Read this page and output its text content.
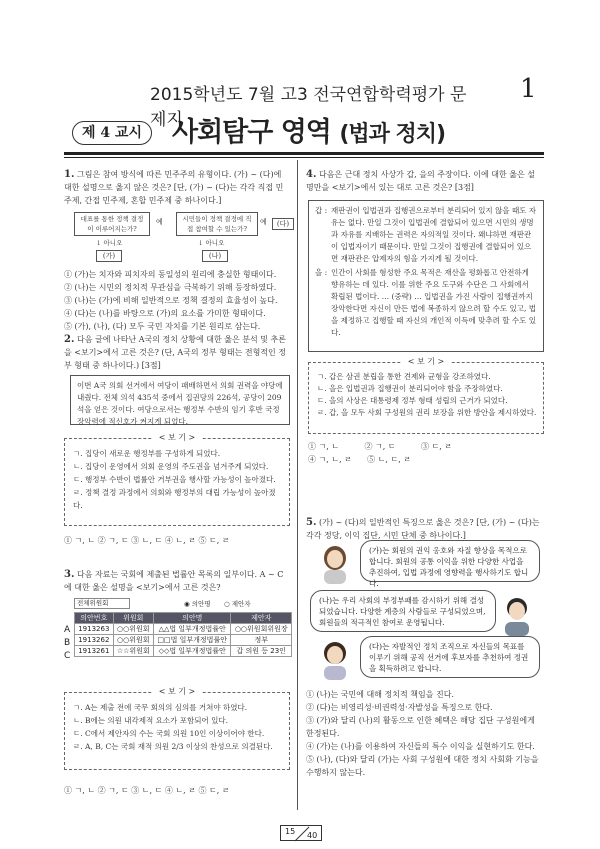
2015학년도 7월 고3 전국연합학력평가 문제지
1
제 4 교시	사회탐구 영역 (법과 정치)
1. 그림은 참여 방식에 따른 민주주의 유형이다. (가) ~ (다)에 대한 설명으로 옳지 않은 것은? [단, (가) ~ (다)는 각각 직접 민주제, 간접 민주제, 혼합 민주제 중 하나이다.]
대표를 통한 정책 결정이 이루어지는가?
예	시민들이 정책 결정에 직접 참여할 수 있는가?
예	(다)
↓ 아니오	↓ 아니오
(가)	(나)
① (가)는 치자와 피치자의 동일성의 원리에 충실한 형태이다.
② (나)는 시민의 정치적 무관심을 극복하기 위해 등장하였다.
③ (나)는 (가)에 비해 일반적으로 정책 결정의 효율성이 높다.
④ (다)는 (나)를 바탕으로 (가)의 요소를 가미한 형태이다.
⑤ (가), (나), (다) 모두 국민 자치를 기본 원리로 삼는다.
2. 다음 글에 나타난 A국의 정치 상황에 대한 옳은 분석 및 추론을 <보기>에서 고른 것은? (단, A국의 정부 형태는 전형적인 정부 형태 중 하나이다.) [3점]
이번 A국 의회 선거에서 여당이 패배하면서 의회 권력을 야당에 내줬다. 전체 의석 435석 중에서 집권당의 226석, 공당이 209석을 얻은 것이다. 여당으로서는 행정부 수반의 임기 후반 국정 장악력에 적신호가 켜지게 되었다.
< 보 기 >
ㄱ. 집당이 새로운 행정부를 구성하게 되었다.
ㄴ. 집당이 운영에서 의회 운영의 주도권을 넘겨주게 되었다.
ㄷ. 행정부 수반이 법률안 거부권을 행사할 가능성이 높아졌다.
ㄹ. 정책 결정 과정에서 의회와 행정부의 대립 가능성이 높아졌다.
① ㄱ, ㄴ ② ㄱ, ㄷ ③ ㄴ, ㄷ ④ ㄴ, ㄹ ⑤ ㄷ, ㄹ
3. 다음 자료는 국회에 제출된 법률안 목록의 일부이다. A ~ C에 대한 옳은 설명을 <보기>에서 고른 것은?
전체위원회	◉ 의안명 ○ 제안자
A
B
C
의안번호	위원회	의안명	제안자
1913263	○○위원회	△△법 일부개정법률안	○○위원회위원장
1913262	○○위원회	□□법 일부개정법률안	정부
1913261	☆☆위원회	◇◇법 일부개정법률안	갑 의원 등 23인
< 보 기 >
ㄱ. A는 제출 전에 국무 회의의 심의를 거쳐야 하였다.
ㄴ. B에는 의원 내각제적 요소가 포함되어 있다.
ㄷ. C에서 제안자의 수는 국회 의원 10인 이상이어야 한다.
ㄹ. A, B, C는 국회 재적 의원 2/3 이상의 찬성으로 의결된다.
① ㄱ, ㄴ ② ㄱ, ㄷ ③ ㄴ, ㄷ ④ ㄴ, ㄹ ⑤ ㄷ, ㄹ
4. 다음은 근대 정치 사상가 갑, 을의 주장이다. 이에 대한 옳은 설명만을 <보기>에서 있는 대로 고른 것은? [3점]
갑 : 재판권이 입법권과 집행권으로부터 분리되어 있지 않을 때도 자유는 없다. 만일 그것이 입법권에 결합되어 있으면 시민의 생명과 자유를 지배하는 권력은 자의적일 것이다. 왜냐하면 재판관이 입법자이기 때문이다. 만일 그것이 집행권에 결합되어 있으면 재판관은 압제자의 힘을 가지게 될 것이다.
을 : 인간이 사회를 형성한 주요 목적은 재산을 평화롭고 안전하게 향유하는 데 있다. 이를 위한 주요 도구와 수단은 그 사회에서 확립된 법이다. … (중략) … 입법권을 가진 사람이 집행권까지 장악한다면 자신이 만든 법에 복종하지 않으려 할 수도 있고, 법을 제정하고 집행할 때 자신의 개인적 이득에 맞추려 할 수도 있다.
< 보 기 >
ㄱ. 갑은 삼권 분립을 통한 견제와 균형을 강조하였다.
ㄴ. 을은 입법권과 집행권이 분리되어야 함을 주장하였다.
ㄷ. 을의 사상은 대통령제 정부 형태 성립의 근거가 되었다.
ㄹ. 갑, 을 모두 사회 구성원의 권리 보장을 위한 방안을 제시하였다.
① ㄱ, ㄴ          ② ㄱ, ㄷ          ③ ㄷ, ㄹ
④ ㄱ, ㄴ, ㄹ      ⑤ ㄴ, ㄷ, ㄹ
5. (가) ~ (다)의 일반적인 특징으로 옳은 것은? [단, (가) ~ (다)는 각각 정당, 이익 집단, 시민 단체 중 하나이다.]
(가)는 회원의 권익 옹호와 자질 향상을 목적으로 합니다. 회원의 공통 이익을 위한 다양한 사업을 추진하여, 입법 과정에 영향력을 행사하기도 합니다.
(나)는 우리 사회의 부정부패를 감시하기 위해 결성되었습니다. 다양한 계층의 사람들로 구성되었으며, 회원들의 적극적인 참여로 운영됩니다.
(다)는 자발적인 정치 조직으로 자신들의 목표를 이루기 위해 공직 선거에 후보자를 추천하여 정권을 획득하려고 합니다.
① (나)는 국민에 대해 정치적 책임을 진다.
② (다)는 비영리성·비권력성·자발성을 특징으로 한다.
③ (가)와 달리 (나)의 활동으로 인한 혜택은 해당 집단 구성원에게 한정된다.
④ (가)는 (나)를 이용하여 자신들의 특수 이익을 실현하기도 한다.
⑤ (나), (다)와 달리 (가)는 사회 구성원에 대한 정치 사회화 기능을 수행하지 않는다.
15 40
